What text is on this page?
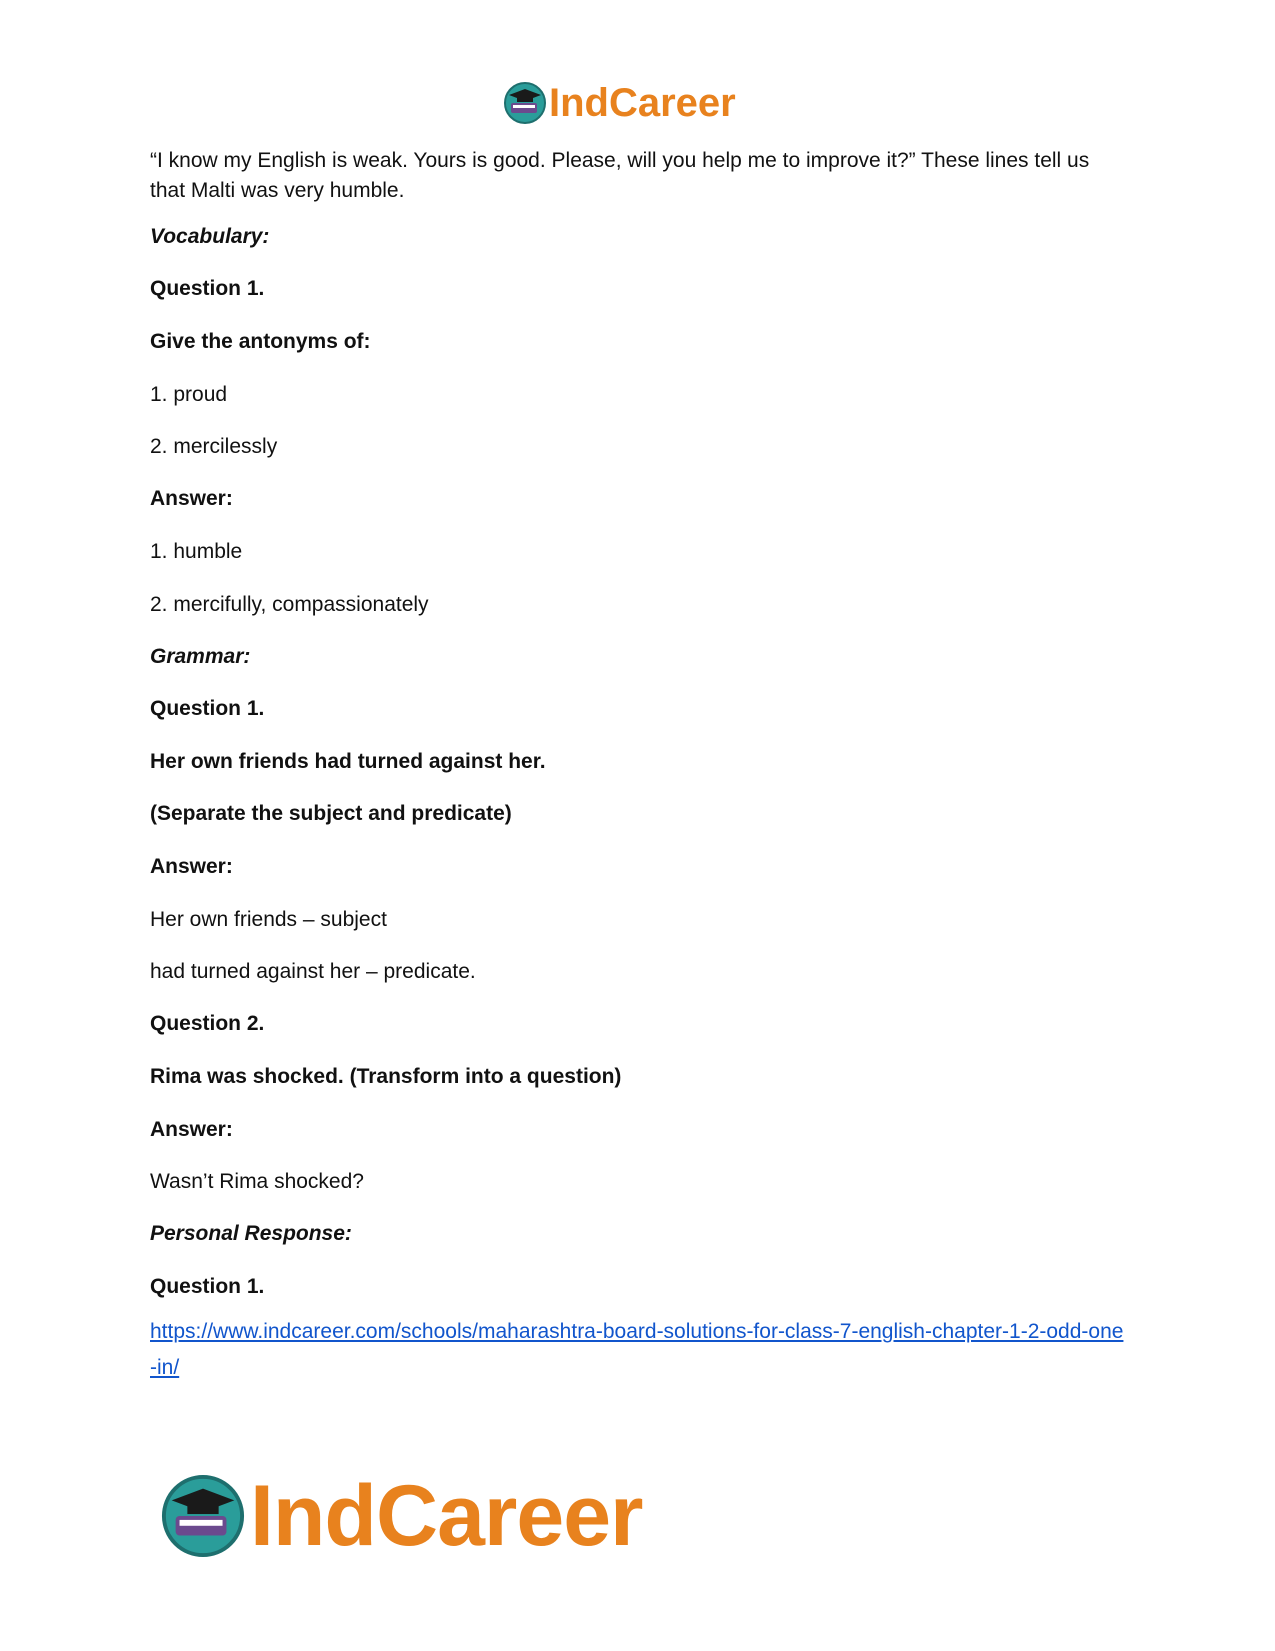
IndCareer
“I know my English is weak. Yours is good. Please, will you help me to improve it?” These lines tell us that Malti was very humble.
Vocabulary:
Question 1.
Give the antonyms of:
1. proud
2. mercilessly
Answer:
1. humble
2. mercifully, compassionately
Grammar:
Question 1.
Her own friends had turned against her.
(Separate the subject and predicate)
Answer:
Her own friends – subject
had turned against her – predicate.
Question 2.
Rima was shocked. (Transform into a question)
Answer:
Wasn’t Rima shocked?
Personal Response:
Question 1.
https://www.indcareer.com/schools/maharashtra-board-solutions-for-class-7-english-chapter-1-2-odd-one-in/
IndCareer
